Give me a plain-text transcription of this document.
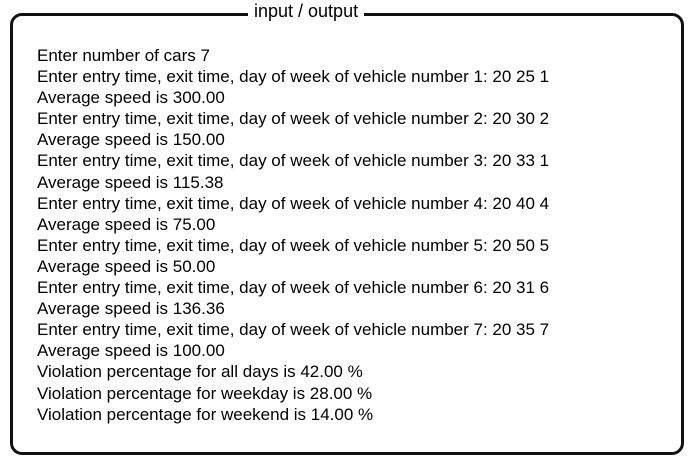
input / output
Enter number of cars 7
Enter entry time, exit time, day of week of vehicle number 1: 20 25 1
Average speed is 300.00
Enter entry time, exit time, day of week of vehicle number 2: 20 30 2
Average speed is 150.00
Enter entry time, exit time, day of week of vehicle number 3: 20 33 1
Average speed is 115.38
Enter entry time, exit time, day of week of vehicle number 4: 20 40 4
Average speed is 75.00
Enter entry time, exit time, day of week of vehicle number 5: 20 50 5
Average speed is 50.00
Enter entry time, exit time, day of week of vehicle number 6: 20 31 6
Average speed is 136.36
Enter entry time, exit time, day of week of vehicle number 7: 20 35 7
Average speed is 100.00
Violation percentage for all days is 42.00 %
Violation percentage for weekday is 28.00 %
Violation percentage for weekend is 14.00 %
